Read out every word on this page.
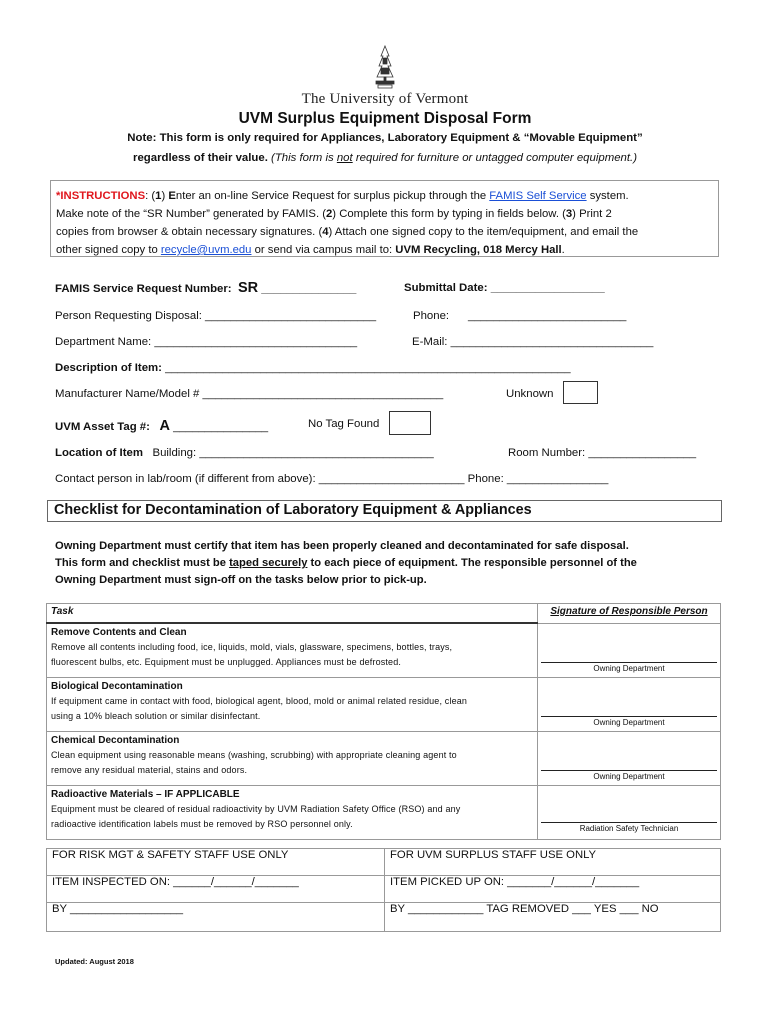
The University of Vermont
UVM Surplus Equipment Disposal Form
Note: This form is only required for Appliances, Laboratory Equipment & “Movable Equipment”
regardless of their value. (This form is not required for furniture or untagged computer equipment.)
*INSTRUCTIONS: (1) Enter an on-line Service Request for surplus pickup through the FAMIS Self Service system.
Make note of the “SR Number” generated by FAMIS. (2) Complete this form by typing in fields below. (3) Print 2
copies from browser & obtain necessary signatures. (4) Attach one signed copy to the item/equipment, and email the
other signed copy to recycle@uvm.edu or send via campus mail to: UVM Recycling, 018 Mercy Hall.
FAMIS Service Request Number: SR _______________	Submittal Date: __________________
Person Requesting Disposal: ___________________________	Phone: _________________________
Department Name: ________________________________	E-Mail: ________________________________
Description of Item: ________________________________________________________________
Manufacturer Name/Model # ______________________________________	Unknown
UVM Asset Tag #: A _______________	No Tag Found
Location of Item Building: _____________________________________	Room Number: _________________
Contact person in lab/room (if different from above): _______________________ Phone: ________________
Checklist for Decontamination of Laboratory Equipment & Appliances
Owning Department must certify that item has been properly cleaned and decontaminated for safe disposal.
This form and checklist must be taped securely to each piece of equipment. The responsible personnel of the
Owning Department must sign-off on the tasks below prior to pick-up.
Task	Signature of Responsible Person

Remove Contents and Clean
Remove all contents including food, ice, liquids, mold, vials, glassware, specimens, bottles, trays,
fluorescent bulbs, etc. Equipment must be unplugged. Appliances must be defrosted.	Owning Department

Biological Decontamination
If equipment came in contact with food, biological agent, blood, mold or animal related residue, clean
using a 10% bleach solution or similar disinfectant.	Owning Department

Chemical Decontamination
Clean equipment using reasonable means (washing, scrubbing) with appropriate cleaning agent to
remove any residual material, stains and odors.	Owning Department

Radioactive Materials – IF APPLICABLE
Equipment must be cleared of residual radioactivity by UVM Radiation Safety Office (RSO) and any
radioactive identification labels must be removed by RSO personnel only.	Radiation Safety Technician
FOR RISK MGT & SAFETY STAFF USE ONLY	FOR UVM SURPLUS STAFF USE ONLY
ITEM INSPECTED ON: ______/______/_______	ITEM PICKED UP ON: _______/______/_______
BY __________________	BY ____________ TAG REMOVED ___ YES ___ NO
Updated: August 2018
